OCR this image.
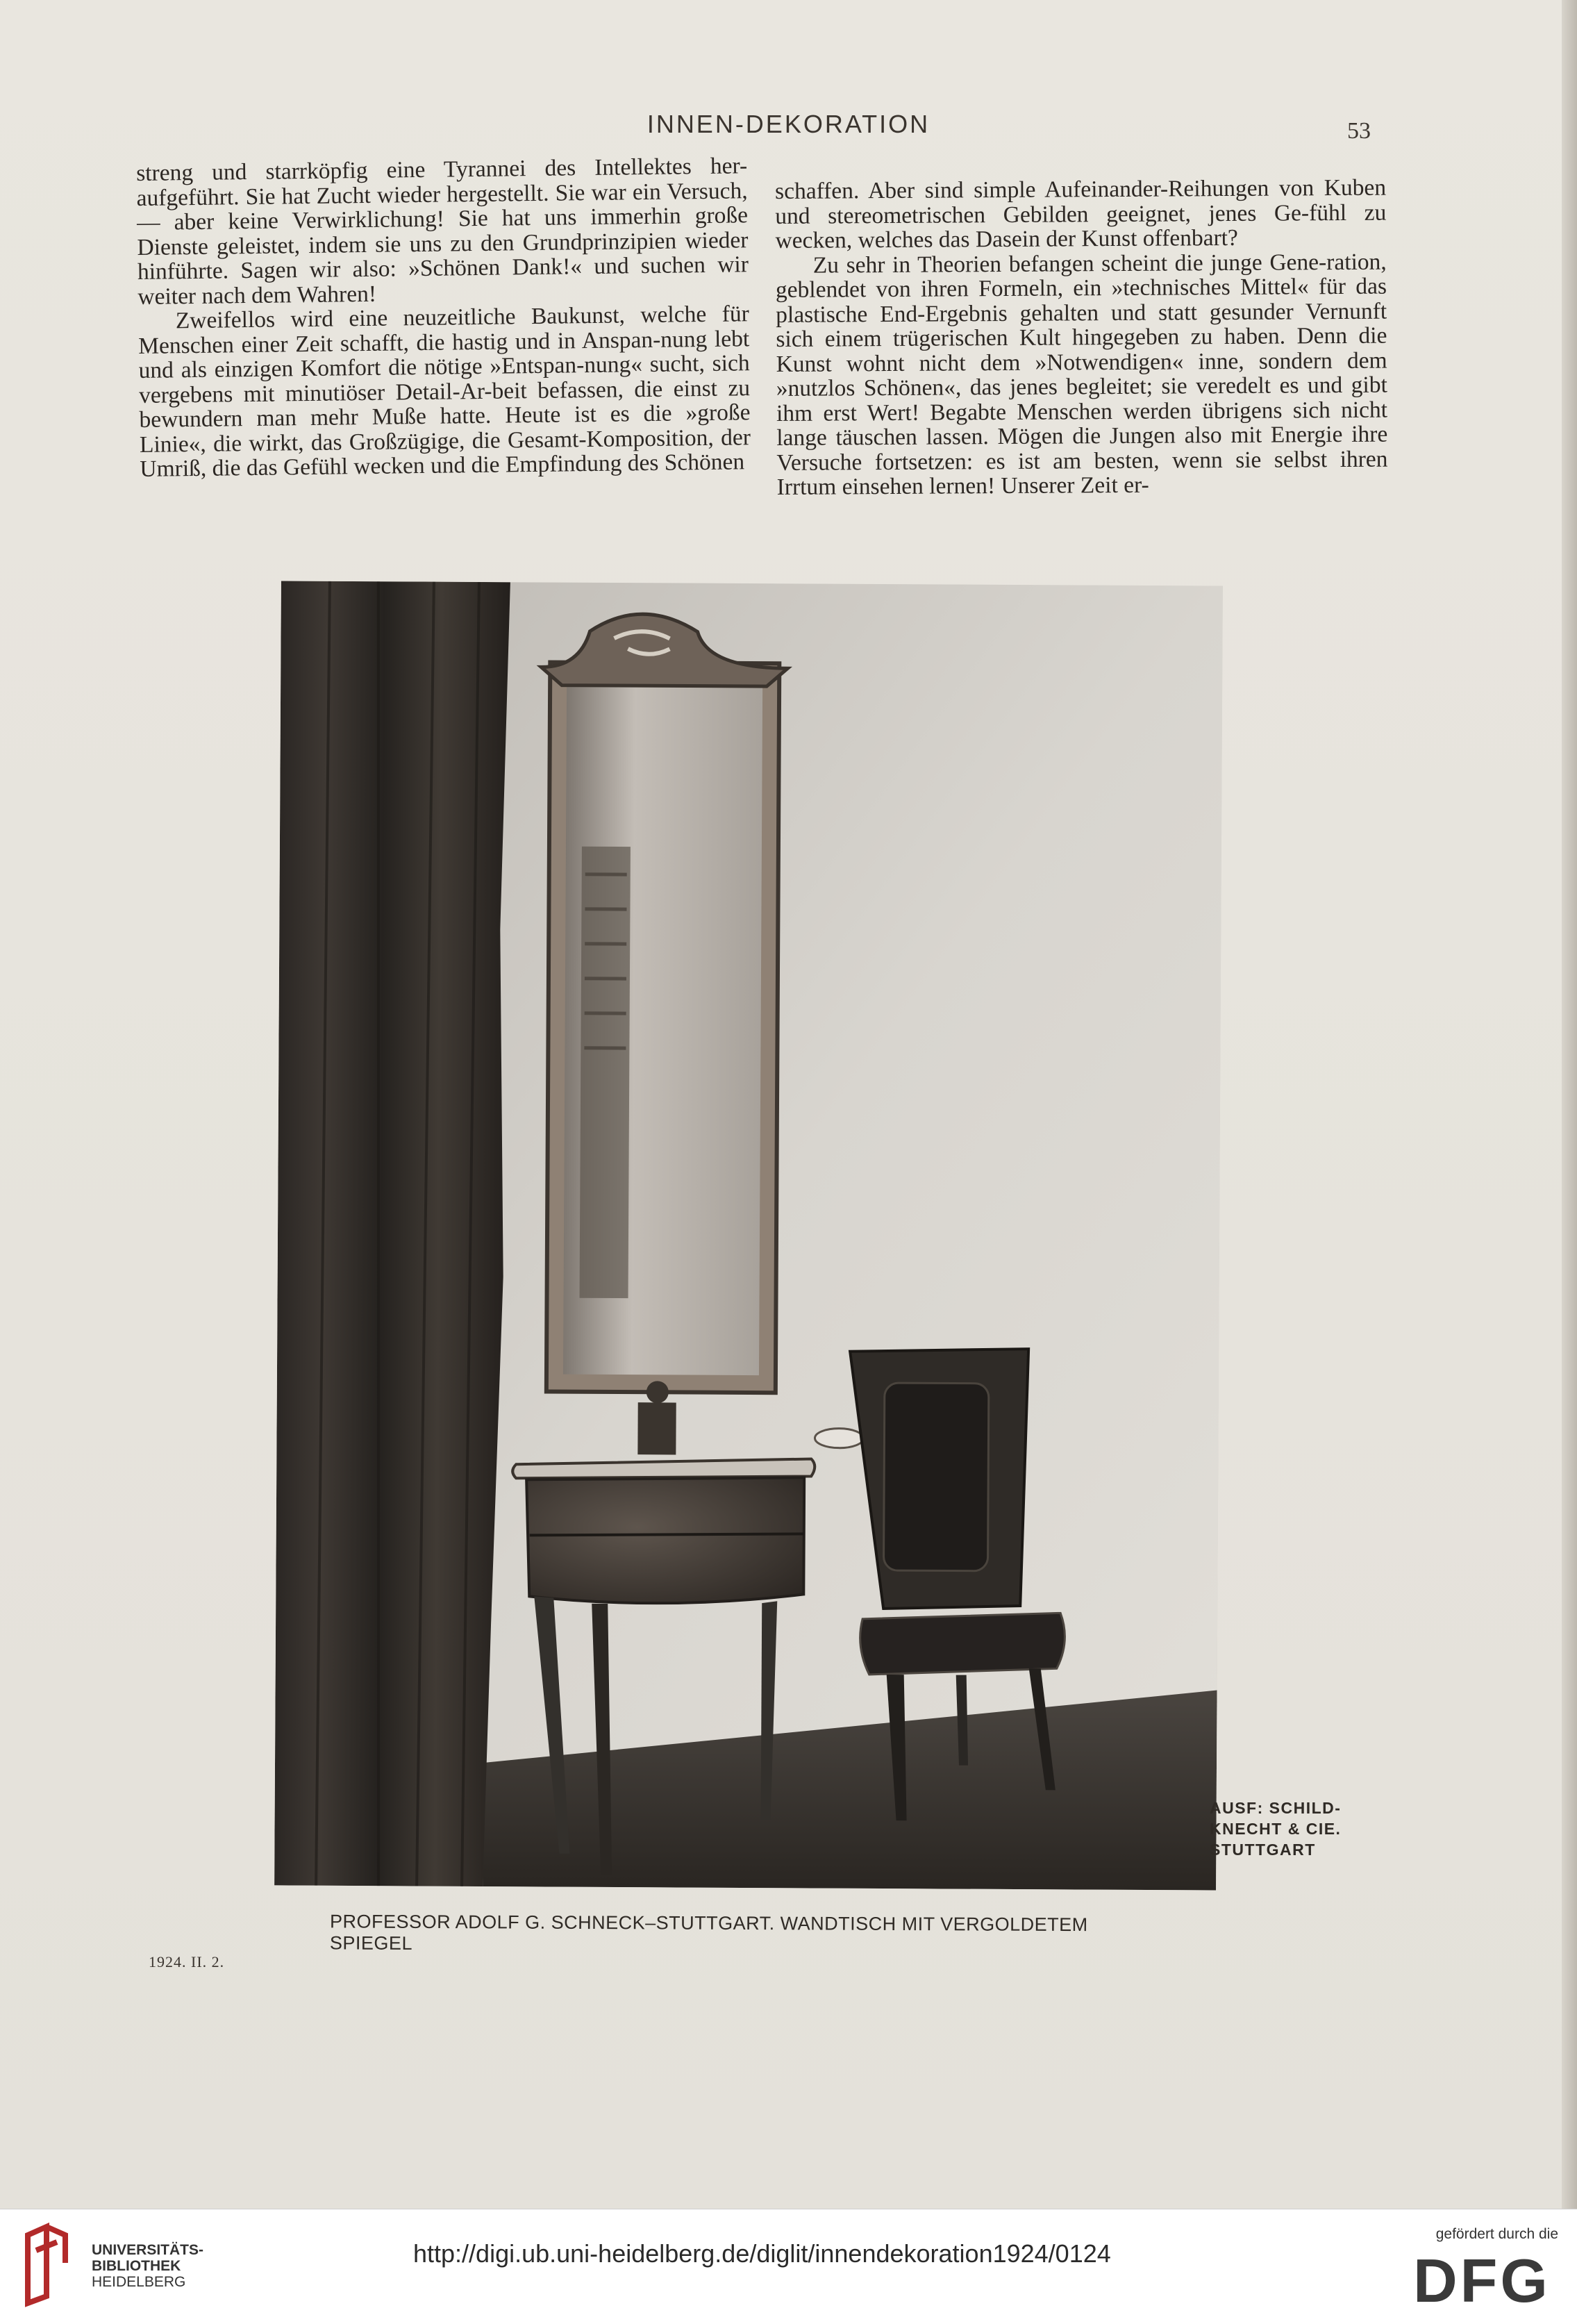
INNEN-DEKORATION	53

streng und starrköpfig eine Tyrannei des Intellektes her-aufgeführt. Sie hat Zucht wieder hergestellt. Sie war ein Versuch, — aber keine Verwirklichung! Sie hat uns immerhin große Dienste geleistet, indem sie uns zu den Grundprinzipien wieder hinführte. Sagen wir also: »Schönen Dank!« und suchen wir weiter nach dem Wahren!

Zweifellos wird eine neuzeitliche Baukunst, welche für Menschen einer Zeit schafft, die hastig und in Anspan-nung lebt und als einzigen Komfort die nötige »Entspan-nung« sucht, sich vergebens mit minutiöser Detail-Ar-beit befassen, die einst zu bewundern man mehr Muße hatte. Heute ist es die »große Linie«, die wirkt, das Großzügige, die Gesamt-Komposition, der Umriß, die das Gefühl wecken und die Empfindung des Schönen

schaffen. Aber sind simple Aufeinander-Reihungen von Kuben und stereometrischen Gebilden geeignet, jenes Ge-fühl zu wecken, welches das Dasein der Kunst offenbart?

Zu sehr in Theorien befangen scheint die junge Gene-ration, geblendet von ihren Formeln, ein »technisches Mittel« für das plastische End-Ergebnis gehalten und statt gesunder Vernunft sich einem trügerischen Kult hingegeben zu haben. Denn die Kunst wohnt nicht dem »Notwendigen« inne, sondern dem »nutzlos Schönen«, das jenes begleitet; sie veredelt es und gibt ihm erst Wert! Begabte Menschen werden übrigens sich nicht lange täuschen lassen. Mögen die Jungen also mit Energie ihre Versuche fortsetzen: es ist am besten, wenn sie selbst ihren Irrtum einsehen lernen! Unserer Zeit er-

AUSF: SCHILD-
KNECHT & CIE.
STUTTGART
PROFESSOR ADOLF G. SCHNECK–STUTTGART. WANDTISCH MIT VERGOLDETEM SPIEGEL
1924. II. 2.
UNIVERSITÄTS-
BIBLIOTHEK
HEIDELBERG
http://digi.ub.uni-heidelberg.de/diglit/innendekoration1924/0124
gefördert durch die
DFG
